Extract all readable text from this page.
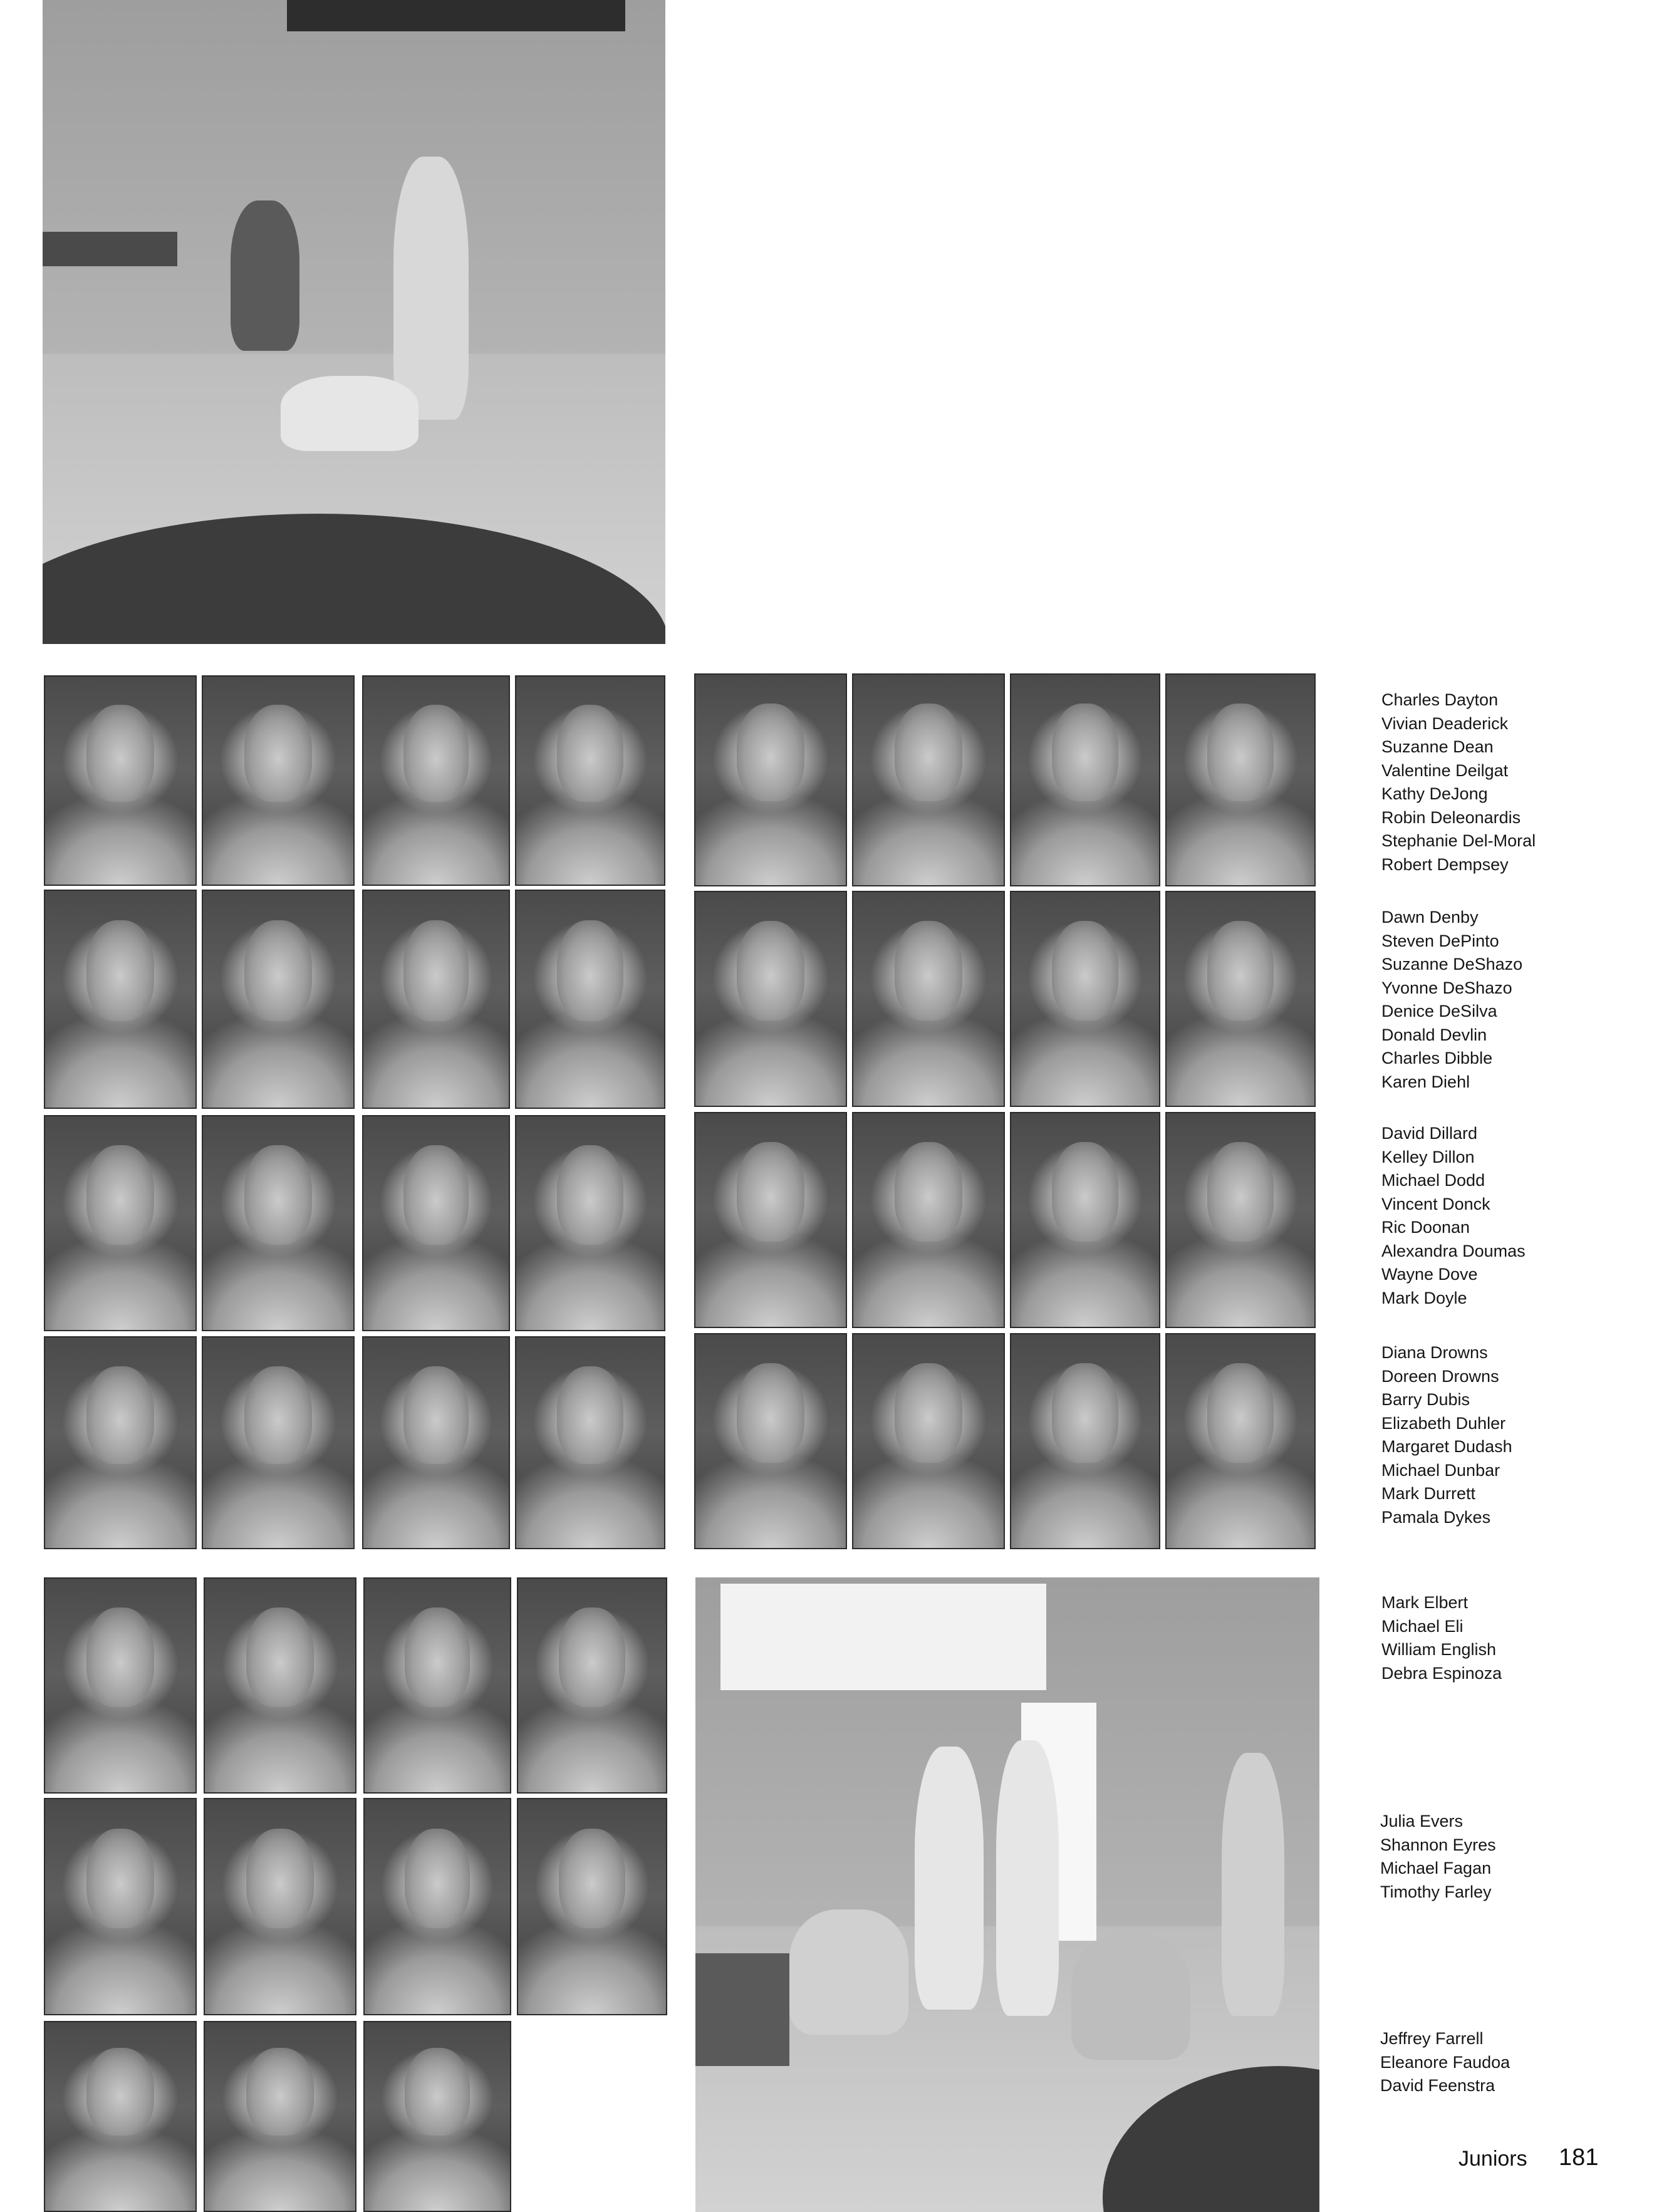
Charles Dayton
Vivian Deaderick
Suzanne Dean
Valentine Deilgat
Kathy DeJong
Robin Deleonardis
Stephanie Del-Moral
Robert Dempsey
Dawn Denby
Steven DePinto
Suzanne DeShazo
Yvonne DeShazo
Denice DeSilva
Donald Devlin
Charles Dibble
Karen Diehl
David Dillard
Kelley Dillon
Michael Dodd
Vincent Donck
Ric Doonan
Alexandra Doumas
Wayne Dove
Mark Doyle
Diana Drowns
Doreen Drowns
Barry Dubis
Elizabeth Duhler
Margaret Dudash
Michael Dunbar
Mark Durrett
Pamala Dykes
Mark Elbert
Michael Eli
William English
Debra Espinoza
Julia Evers
Shannon Eyres
Michael Fagan
Timothy Farley
Jeffrey Farrell
Eleanore Faudoa
David Feenstra
Juniors 181
